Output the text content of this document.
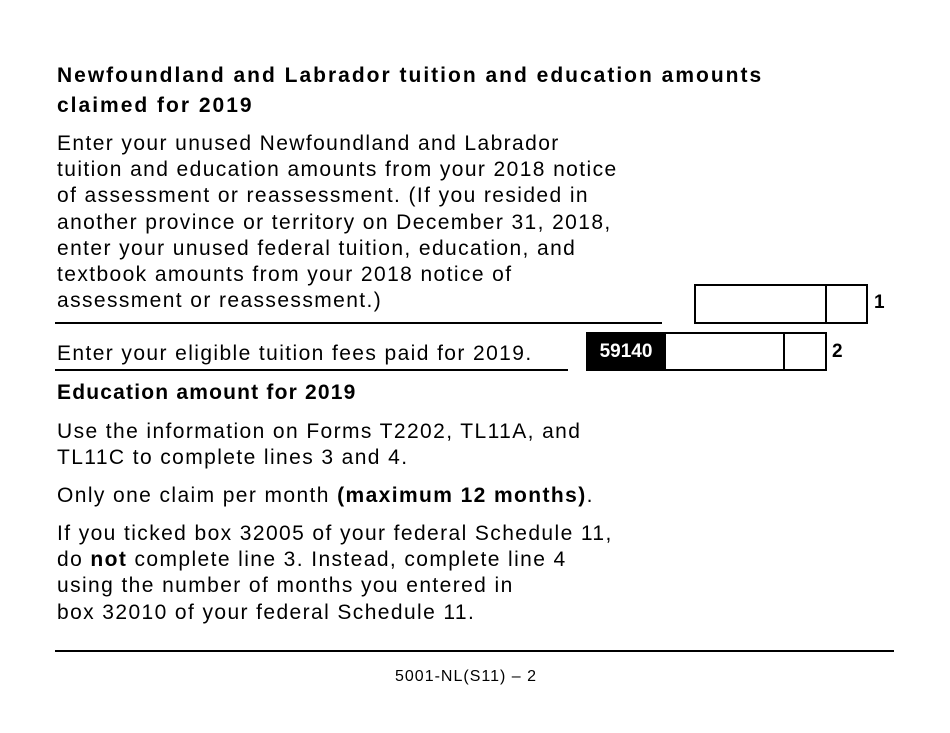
Newfoundland and Labrador tuition and education amounts

claimed for 2019

Enter your unused Newfoundland and Labrador

tuition and education amounts from your 2018 notice

of assessment or reassessment. (If you resided in

another province or territory on December 31, 2018,

enter your unused federal tuition, education, and

textbook amounts from your 2018 notice of

assessment or reassessment.)	1

Enter your eligible tuition fees paid for 2019.	59140	2

Education amount for 2019

Use the information on Forms T2202, TL11A, and

TL11C to complete lines 3 and 4.

Only one claim per month (maximum 12 months).

If you ticked box 32005 of your federal Schedule 11,

do not complete line 3. Instead, complete line 4

using the number of months you entered in

box 32010 of your federal Schedule 11.

5001-NL(S11) – 2
